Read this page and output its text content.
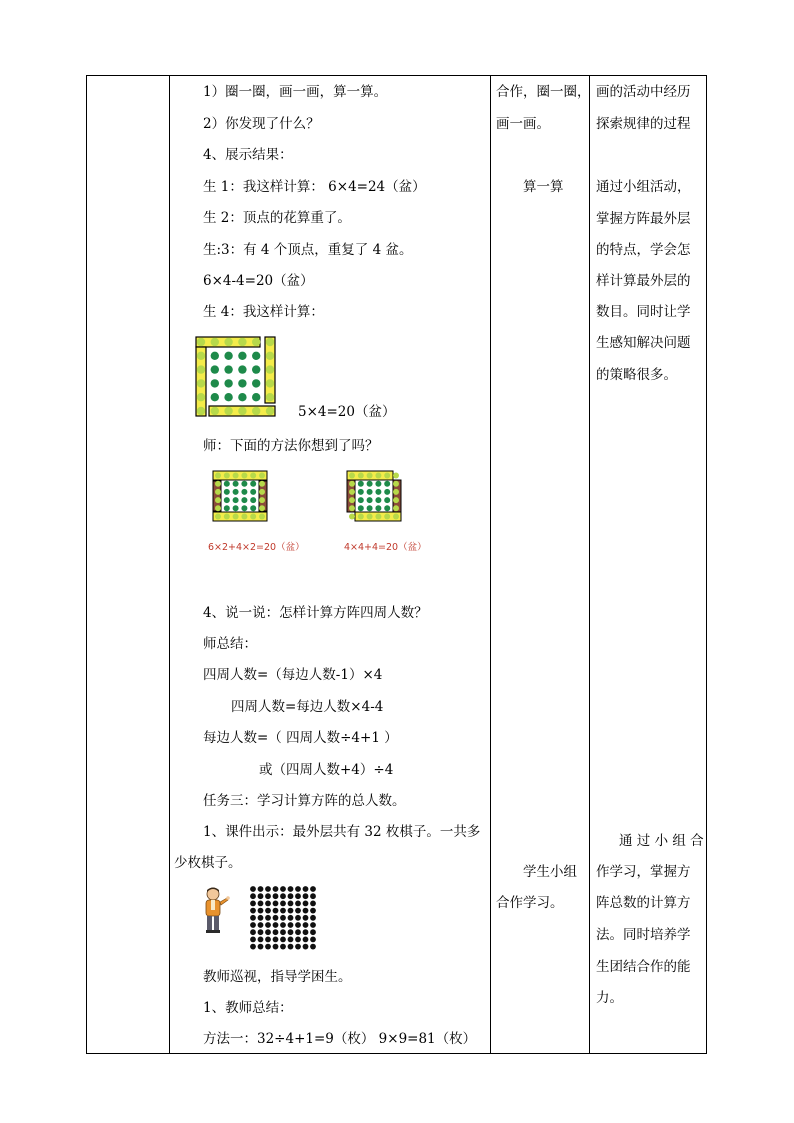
1）圈一圈，画一画，算一算。
2）你发现了什么？
4、展示结果：
生 1：我这样计算： 6×4=24（盆）
生 2：顶点的花算重了。
生:3：有 4 个顶点，重复了 4 盆。
6×4-4=20（盆）
生 4：我这样计算：
5×4=20（盆）
师：下面的方法你想到了吗？
6×2+4×2=20（盆）	4×4+4=20（盆）
4、说一说：怎样计算方阵四周人数？
师总结：
四周人数=（每边人数-1）×4
四周人数=每边人数×4-4
每边人数=（ 四周人数÷4+1 ）
或（四周人数+4）÷4
任务三：学习计算方阵的总人数。
1、课件出示：最外层共有 32 枚棋子。一共多
少枚棋子。
教师巡视，指导学困生。
1、教师总结：
方法一：32÷4+1=9（枚） 9×9=81（枚）
合作，圈一圈，
画一画。
算一算
学生小组
合作学习。
画的活动中经历
探索规律的过程
通过小组活动，
掌握方阵最外层
的特点，学会怎
样计算最外层的
数目。同时让学
生感知解决问题
的策略很多。
通 过 小 组 合
作学习，掌握方
阵总数的计算方
法。同时培养学
生团结合作的能
力。
